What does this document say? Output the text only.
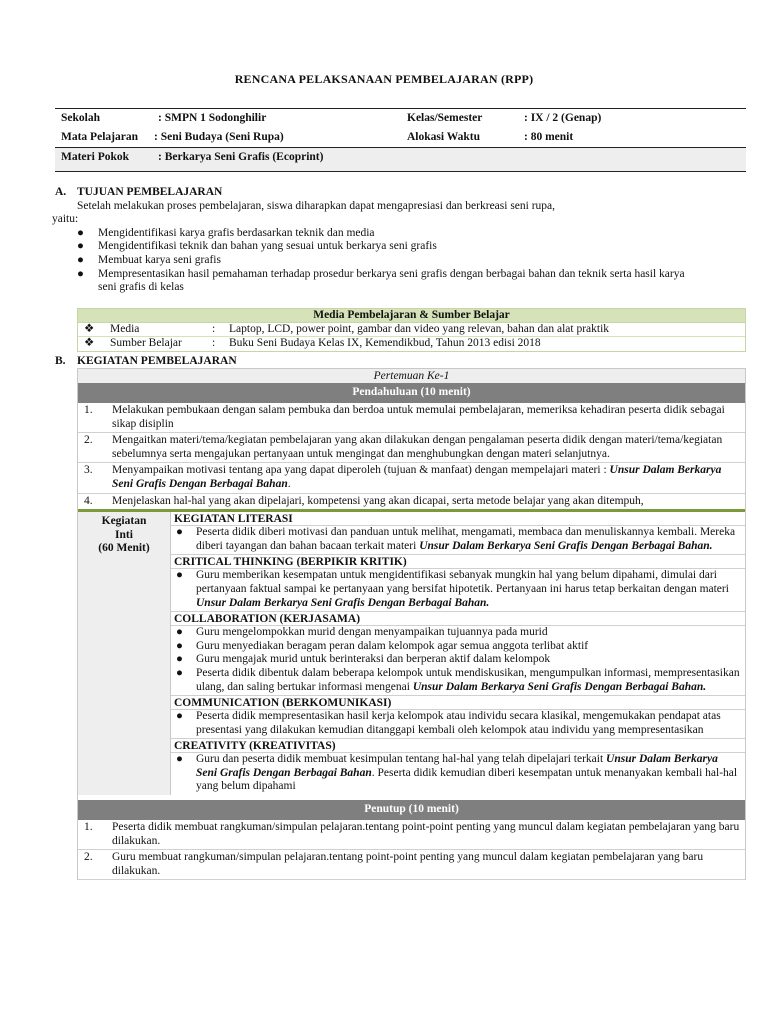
RENCANA PELAKSANAAN PEMBELAJARAN (RPP)
Sekolah	: SMPN 1 Sodonghilir	Kelas/Semester	: IX / 2 (Genap)
Mata Pelajaran : Seni Budaya (Seni Rupa)	Alokasi Waktu	: 80 menit
Materi Pokok	: Berkarya Seni Grafis (Ecoprint)
A. TUJUAN PEMBELAJARAN
Setelah melakukan proses pembelajaran, siswa diharapkan dapat mengapresiasi dan berkreasi seni rupa,
yaitu:
● Mengidentifikasi karya grafis berdasarkan teknik dan media
● Mengidentifikasi teknik dan bahan yang sesuai untuk berkarya seni grafis
● Membuat karya seni grafis
● Mempresentasikan hasil pemahaman terhadap prosedur berkarya seni grafis dengan berbagai bahan dan teknik serta hasil karya seni grafis di kelas
Media Pembelajaran & Sumber Belajar
❖ Media	: Laptop, LCD, power point, gambar dan video yang relevan, bahan dan alat praktik
❖ Sumber Belajar	: Buku Seni Budaya Kelas IX, Kemendikbud, Tahun 2013 edisi 2018
B. KEGIATAN PEMBELAJARAN
Pertemuan Ke-1
Pendahuluan (10 menit)
1. Melakukan pembukaan dengan salam pembuka dan berdoa untuk memulai pembelajaran, memeriksa kehadiran peserta didik sebagai sikap disiplin
2. Mengaitkan materi/tema/kegiatan pembelajaran yang akan dilakukan dengan pengalaman peserta didik dengan materi/tema/kegiatan sebelumnya serta mengajukan pertanyaan untuk mengingat dan menghubungkan dengan materi selanjutnya.
3. Menyampaikan motivasi tentang apa yang dapat diperoleh (tujuan & manfaat) dengan mempelajari materi : Unsur Dalam Berkarya Seni Grafis Dengan Berbagai Bahan.
4. Menjelaskan hal-hal yang akan dipelajari, kompetensi yang akan dicapai, serta metode belajar yang akan ditempuh,
Kegiatan
Inti
(60 Menit)
KEGIATAN LITERASI
● Peserta didik diberi motivasi dan panduan untuk melihat, mengamati, membaca dan menuliskannya kembali. Mereka diberi tayangan dan bahan bacaan terkait materi Unsur Dalam Berkarya Seni Grafis Dengan Berbagai Bahan.
CRITICAL THINKING (BERPIKIR KRITIK)
● Guru memberikan kesempatan untuk mengidentifikasi sebanyak mungkin hal yang belum dipahami, dimulai dari pertanyaan faktual sampai ke pertanyaan yang bersifat hipotetik. Pertanyaan ini harus tetap berkaitan dengan materi Unsur Dalam Berkarya Seni Grafis Dengan Berbagai Bahan.
COLLABORATION (KERJASAMA)
● Guru mengelompokkan murid dengan menyampaikan tujuannya pada murid
● Guru menyediakan beragam peran dalam kelompok agar semua anggota terlibat aktif
● Guru mengajak murid untuk berinteraksi dan berperan aktif dalam kelompok
● Peserta didik dibentuk dalam beberapa kelompok untuk mendiskusikan, mengumpulkan informasi, mempresentasikan ulang, dan saling bertukar informasi mengenai Unsur Dalam Berkarya Seni Grafis Dengan Berbagai Bahan.
COMMUNICATION (BERKOMUNIKASI)
● Peserta didik mempresentasikan hasil kerja kelompok atau individu secara klasikal, mengemukakan pendapat atas presentasi yang dilakukan kemudian ditanggapi kembali oleh kelompok atau individu yang mempresentasikan
CREATIVITY (KREATIVITAS)
● Guru dan peserta didik membuat kesimpulan tentang hal-hal yang telah dipelajari terkait Unsur Dalam Berkarya Seni Grafis Dengan Berbagai Bahan. Peserta didik kemudian diberi kesempatan untuk menanyakan kembali hal-hal yang belum dipahami
Penutup (10 menit)
1. Peserta didik membuat rangkuman/simpulan pelajaran.tentang point-point penting yang muncul dalam kegiatan pembelajaran yang baru dilakukan.
2. Guru membuat rangkuman/simpulan pelajaran.tentang point-point penting yang muncul dalam kegiatan pembelajaran yang baru dilakukan.
